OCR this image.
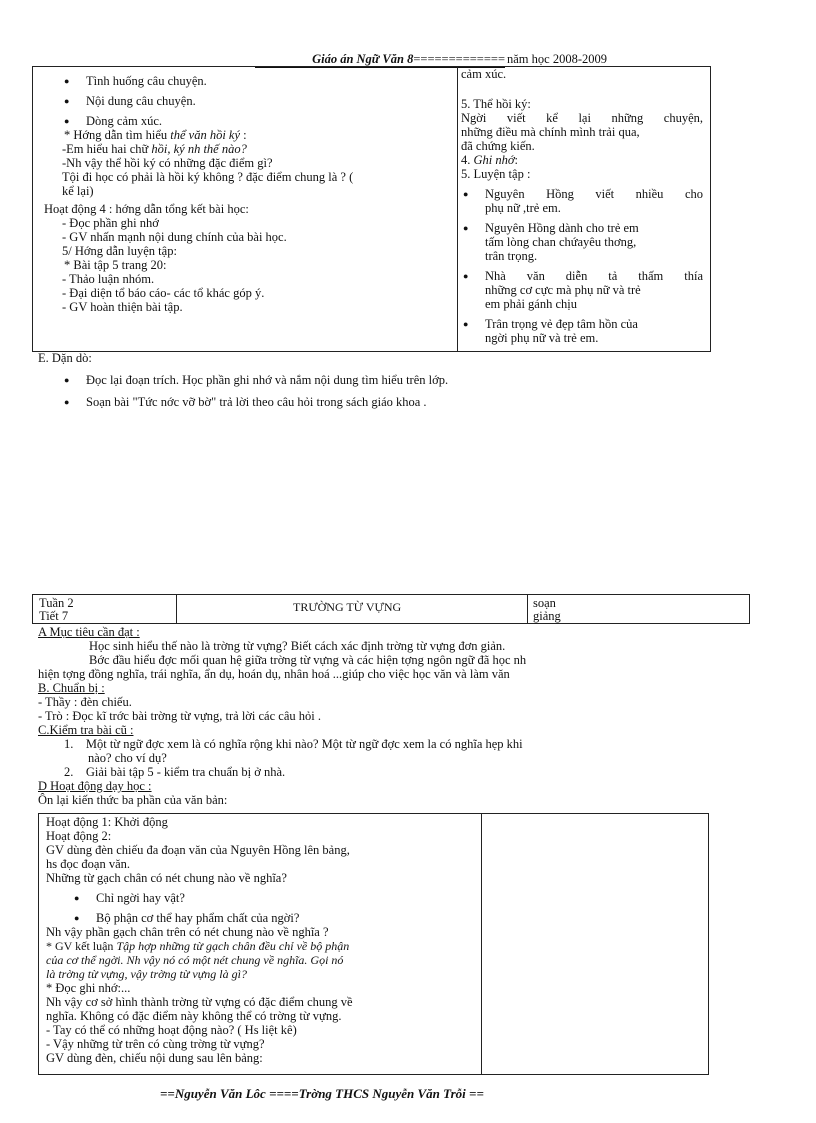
Giáo án Ngữ Văn 8============= năm học 2008-2009
● Tình huống câu chuyện.
● Nội dung câu chuyện.
● Dòng cảm xúc.
* Hớng dẫn tìm hiểu thể văn hồi ký :
-Em hiểu hai chữ hồi, ký nh thế nào?
-Nh vậy thể hồi ký có những đặc điểm gì?
Tội đi học có phải là hồi ký không ? đặc điểm chung là ? (
kể lại)
Hoạt động 4 : hớng dẫn tổng kết bài học:
- Đọc phần ghi nhớ
- GV nhấn mạnh nội dung chính của bài học.
5/ Hớng dẫn luyện tập:
* Bài tập 5 trang 20:
- Thảo luận nhóm.
- Đại diện tổ báo cáo- các tổ khác góp ý.
- GV hoàn thiện bài tập.
cảm xúc.
5. Thể hồi ký:
Ngời viết kể lại những chuyện,
những điều mà chính mình trải qua,
đã chứng kiến.
4. Ghi nhớ:
5. Luyện tập :
● Nguyên Hồng viết nhiều cho
phụ nữ ,trẻ em.
● Nguyên Hồng dành cho trẻ em
tấm lòng chan chứayêu thơng,
trân trọng.
● Nhà văn diễn tả thấm thía
những cơ cực mà phụ nữ và trẻ
em phải gánh chịu
● Trân trọng vẻ đẹp tâm hồn của
ngời phụ nữ và trẻ em.
E. Dặn dò:
● Đọc lại đoạn trích. Học phần ghi nhớ và nắm nội dung tìm hiểu trên lớp.
● Soạn bài "Tức nớc vỡ bờ" trả lời theo câu hỏi trong sách giáo khoa .
Tuần 2
Tiết 7
TRƯỜNG TỪ VỰNG	soạn
giảng
A Mục tiêu cần đạt :
Học sinh hiểu thế nào là trờng từ vựng? Biết cách xác định trờng từ vựng đơn giản.
Bớc đầu hiểu đợc mối quan hệ giữa trờng từ vựng và các hiện tợng ngôn ngữ đã học nh
hiện tợng đồng nghĩa, trái nghĩa, ẩn dụ, hoán dụ, nhân hoá ...giúp cho việc học văn và làm văn
B. Chuẩn bị :
- Thầy : đèn chiếu.
- Trò : Đọc kĩ trớc bài trờng từ vựng, trả lời các câu hỏi .
C.Kiểm tra bài cũ :
1.    Một từ ngữ đợc xem là có nghĩa rộng khi nào? Một từ ngữ đợc xem la có nghĩa hẹp khi
nào? cho ví dụ?
2.    Giải bài tập 5 - kiểm tra chuẩn bị ở nhà.
D Hoạt động dạy học :
Ôn lại kiến thức ba phần của văn bản:
Hoạt động 1: Khởi động
Hoạt động 2:
GV dùng đèn chiếu đa đoạn văn của Nguyên Hồng lên bảng,
hs đọc đoạn văn.
Những từ gạch chân có nét chung nào về nghĩa?
● Chỉ ngời hay vật?
● Bộ phận cơ thể hay phẩm chất của ngời?
Nh vậy phần gạch chân trên có nét chung nào về nghĩa ?
* GV kết luận Tập hợp những từ gạch chân đều chỉ về bộ phận
của cơ thể ngời. Nh vậy nó có một nét chung về nghĩa. Gọi nó
là trờng từ vựng, vậy trờng từ vựng là gì?
* Đọc ghi nhớ:...
Nh vậy cơ sở hình thành trờng từ vựng có đặc điểm chung về
nghĩa. Không có đặc điểm này không thể có trờng từ vựng.
- Tay có thể có những hoạt động nào? ( Hs liệt kê)
- Vậy những từ trên có cùng trờng từ vựng?
GV dùng đèn, chiếu nội dung sau lên bảng:
==Nguyễn Văn Lôc ====Trờng THCS Nguyễn Văn Trỗi ==
